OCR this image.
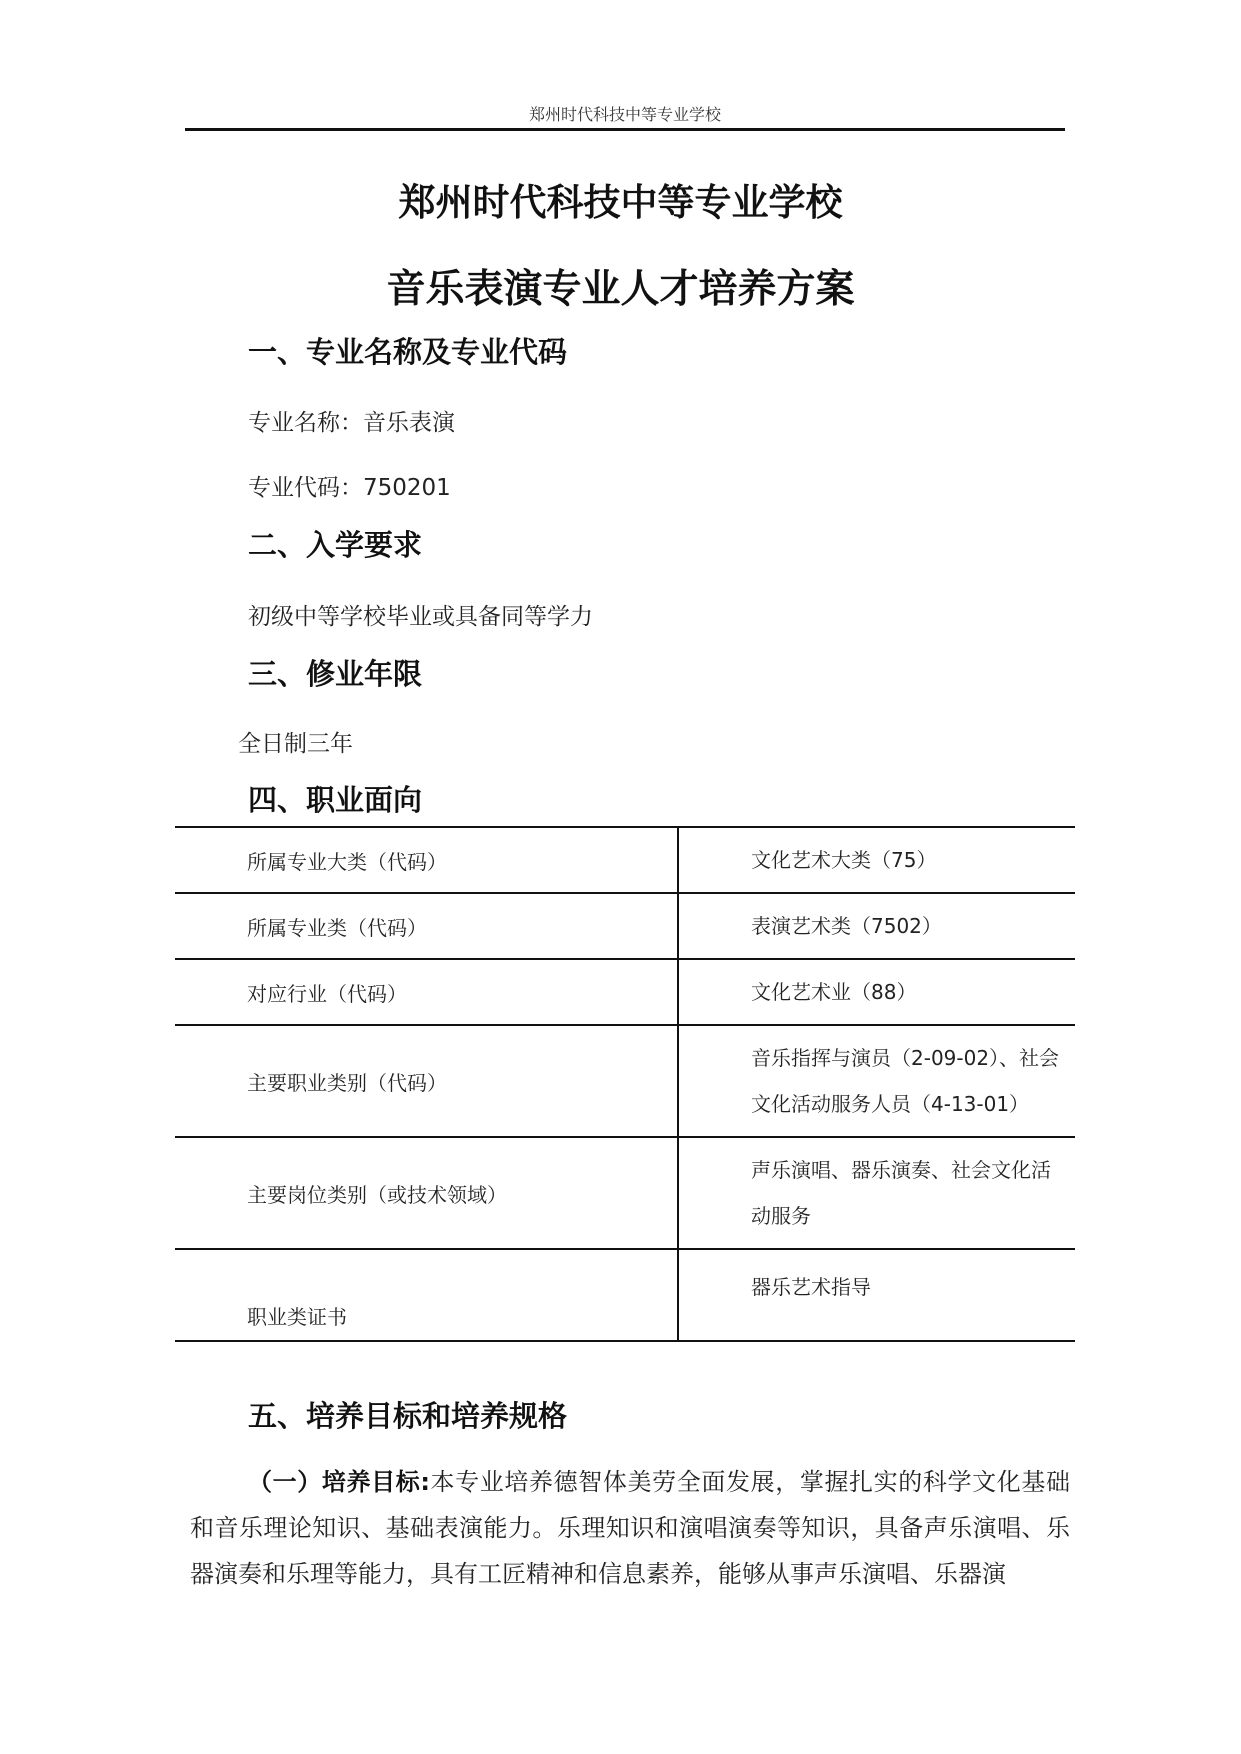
郑州时代科技中等专业学校
郑州时代科技中等专业学校
音乐表演专业人才培养方案
一、专业名称及专业代码
专业名称：音乐表演
专业代码：750201
二、入学要求
初级中等学校毕业或具备同等学力
三、修业年限
全日制三年
四、职业面向
所属专业大类（代码）	文化艺术大类（75）
所属专业类（代码）	表演艺术类（7502）
对应行业（代码）	文化艺术业（88）
主要职业类别（代码）	音乐指挥与演员（2-09-02）、社会文化活动服务人员（4-13-01）
主要岗位类别（或技术领域）	声乐演唱、器乐演奏、社会文化活动服务
职业类证书	器乐艺术指导
五、培养目标和培养规格
（一）培养目标:本专业培养德智体美劳全面发展，掌握扎实的科学文化基础和音乐理论知识、基础表演能力。乐理知识和演唱演奏等知识，具备声乐演唱、乐器演奏和乐理等能力，具有工匠精神和信息素养，能够从事声乐演唱、乐器演
